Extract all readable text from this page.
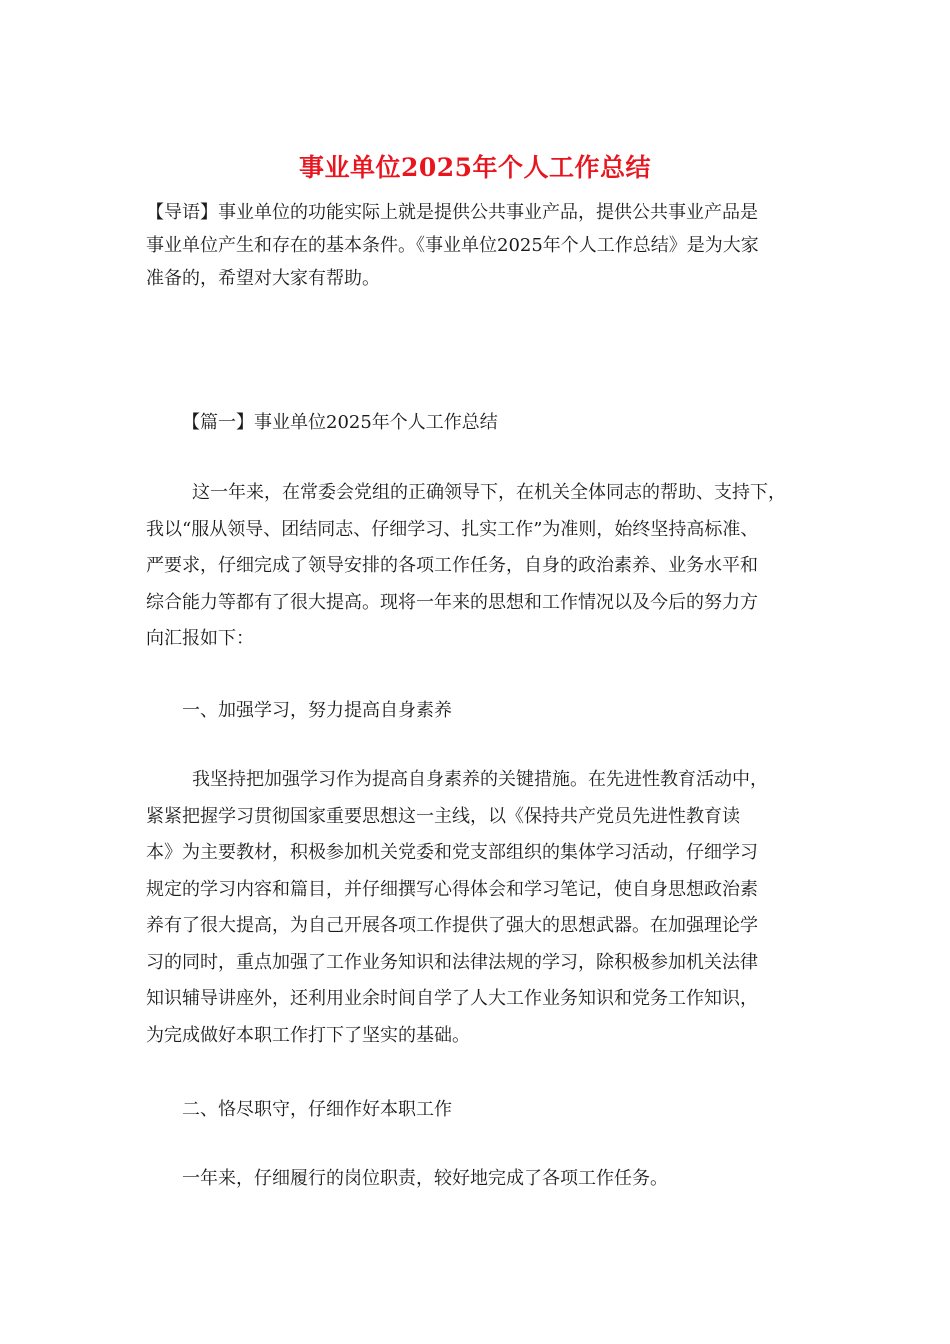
事业单位2025年个人工作总结
【导语】事业单位的功能实际上就是提供公共事业产品，提供公共事业产品是
事业单位产生和存在的基本条件。《事业单位2025年个人工作总结》是为大家
准备的，希望对大家有帮助。
【篇一】事业单位2025年个人工作总结
这一年来，在常委会党组的正确领导下，在机关全体同志的帮助、支持下，
我以“服从领导、团结同志、仔细学习、扎实工作”为准则，始终坚持高标准、
严要求，仔细完成了领导安排的各项工作任务，自身的政治素养、业务水平和
综合能力等都有了很大提高。现将一年来的思想和工作情况以及今后的努力方
向汇报如下：
一、加强学习，努力提高自身素养
我坚持把加强学习作为提高自身素养的关键措施。在先进性教育活动中，
紧紧把握学习贯彻国家重要思想这一主线，以《保持共产党员先进性教育读
本》为主要教材，积极参加机关党委和党支部组织的集体学习活动，仔细学习
规定的学习内容和篇目，并仔细撰写心得体会和学习笔记，使自身思想政治素
养有了很大提高，为自己开展各项工作提供了强大的思想武器。在加强理论学
习的同时，重点加强了工作业务知识和法律法规的学习，除积极参加机关法律
知识辅导讲座外，还利用业余时间自学了人大工作业务知识和党务工作知识，
为完成做好本职工作打下了坚实的基础。
二、恪尽职守，仔细作好本职工作
一年来，仔细履行的岗位职责，较好地完成了各项工作任务。
